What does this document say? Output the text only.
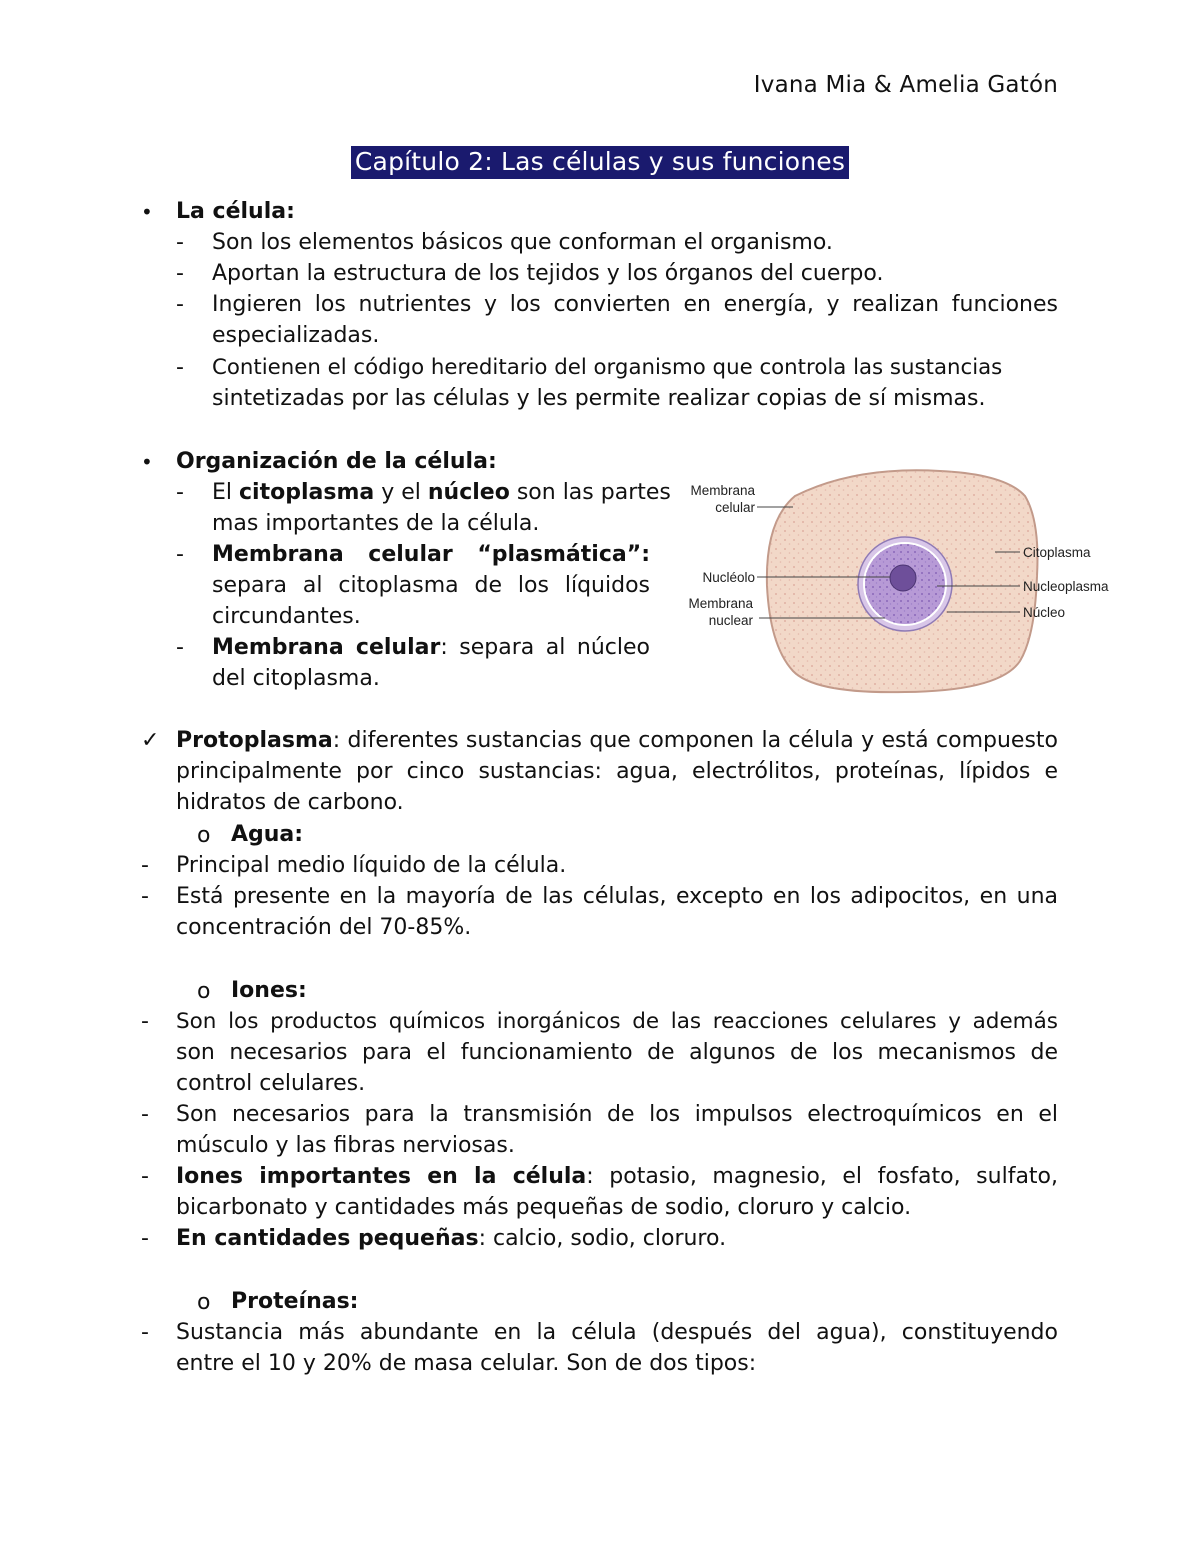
Ivana Mia & Amelia Gatón
Capítulo 2: Las células y sus funciones
• La célula:
- Son los elementos básicos que conforman el organismo.
- Aportan la estructura de los tejidos y los órganos del cuerpo.
- Ingieren los nutrientes y los convierten en energía, y realizan funciones
especializadas.
- Contienen el código hereditario del organismo que controla las sustancias
sintetizadas por las células y les permite realizar copias de sí mismas.
• Organización de la célula:
- El citoplasma y el núcleo son las partes
mas importantes de la célula.
- Membrana celular “plasmática”:
separa al citoplasma de los líquidos
circundantes.
- Membrana celular: separa al núcleo
del citoplasma.
Membrana
celular
Nucléolo
Membrana
nuclear
Citoplasma
Nucleoplasma
Núcleo
✓ Protoplasma: diferentes sustancias que componen la célula y está compuesto
principalmente por cinco sustancias: agua, electrólitos, proteínas, lípidos e
hidratos de carbono.
o Agua:
- Principal medio líquido de la célula.
- Está presente en la mayoría de las células, excepto en los adipocitos, en una
concentración del 70-85%.
o Iones:
- Son los productos químicos inorgánicos de las reacciones celulares y además
son necesarios para el funcionamiento de algunos de los mecanismos de
control celulares.
- Son necesarios para la transmisión de los impulsos electroquímicos en el
músculo y las fibras nerviosas.
- Iones importantes en la célula: potasio, magnesio, el fosfato, sulfato,
bicarbonato y cantidades más pequeñas de sodio, cloruro y calcio.
- En cantidades pequeñas: calcio, sodio, cloruro.
o Proteínas:
- Sustancia más abundante en la célula (después del agua), constituyendo
entre el 10 y 20% de masa celular. Son de dos tipos:
